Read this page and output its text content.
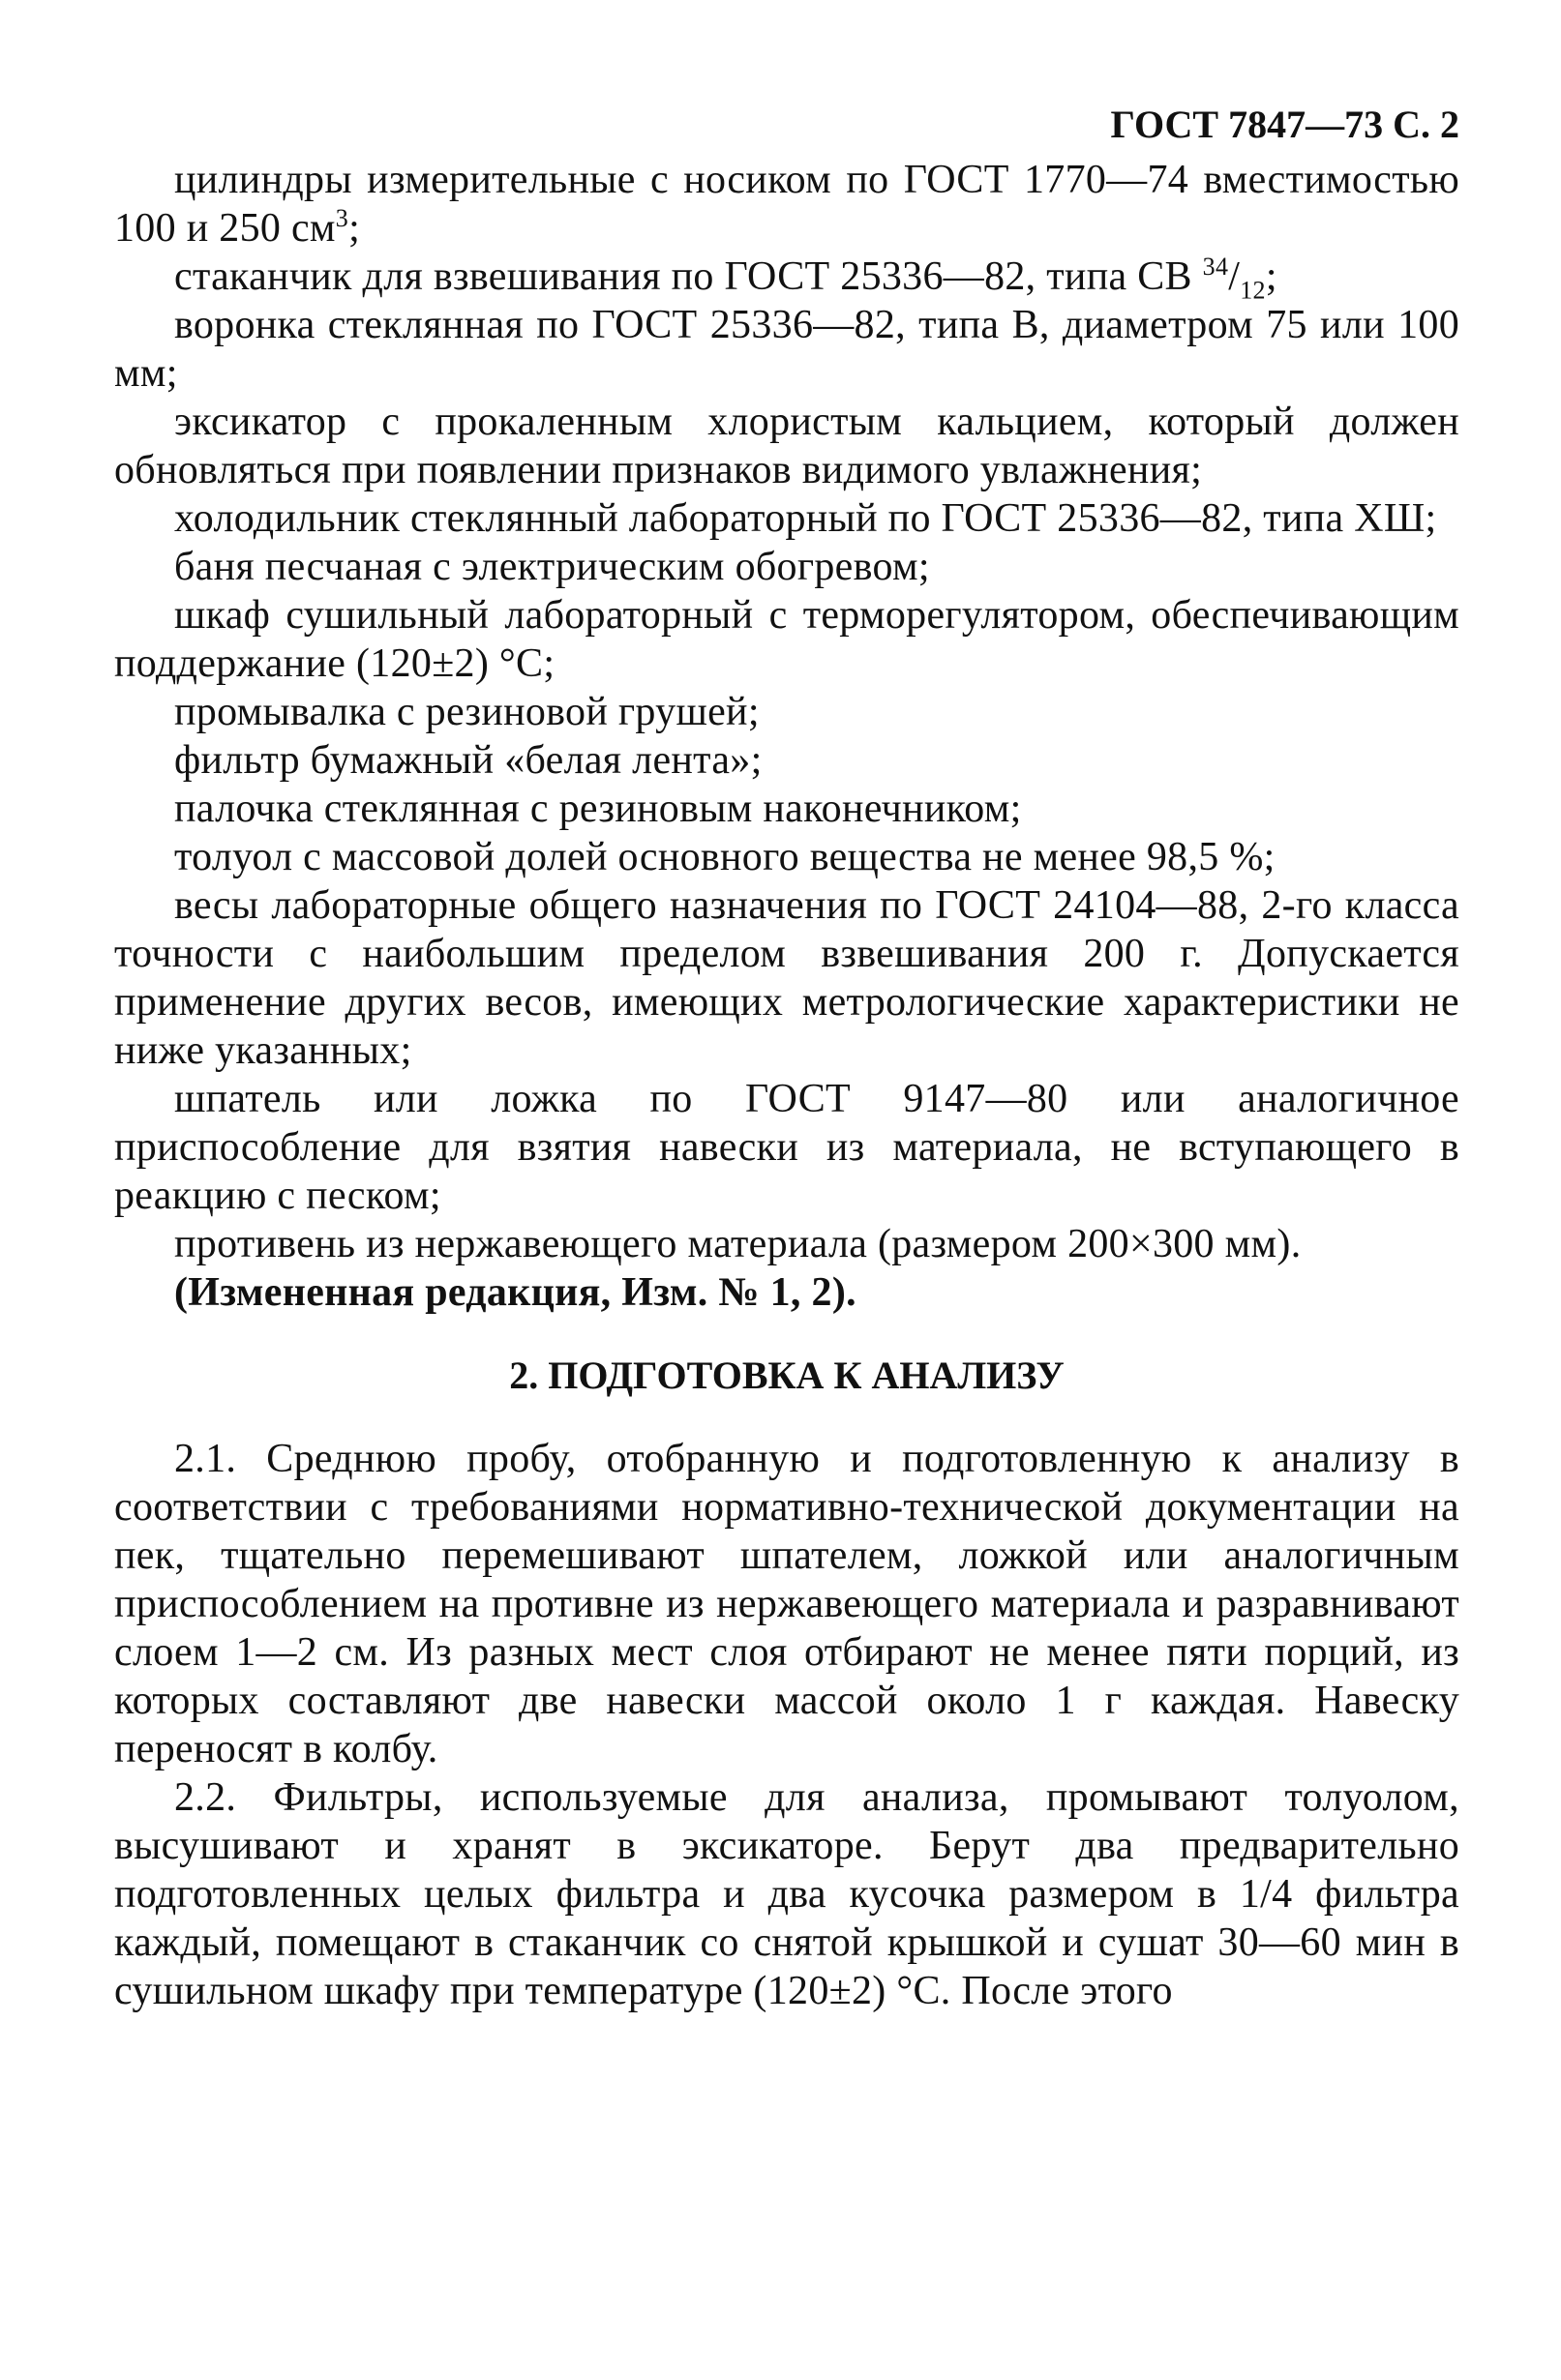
ГОСТ 7847—73 С. 2

цилиндры измерительные с носиком по ГОСТ 1770—74 вместимостью 100 и 250 $см^3$;

стаканчик для взвешивания по ГОСТ 25336—82, типа СВ $^{34}/_{12}$;

воронка стеклянная по ГОСТ 25336—82, типа В, диаметром 75 или 100 мм;

эксикатор с прокаленным хлористым кальцием, который должен обновляться при появлении признаков видимого увлажнения;

холодильник стеклянный лабораторный по ГОСТ 25336—82, типа ХШ;

баня песчаная с электрическим обогревом;

шкаф сушильный лабораторный с терморегулятором, обеспечивающим поддержание (120±2) °С;

промывалка с резиновой грушей;

фильтр бумажный «белая лента»;

палочка стеклянная с резиновым наконечником;

толуол с массовой долей основного вещества не менее 98,5 %;

весы лабораторные общего назначения по ГОСТ 24104—88, 2-го класса точности с наибольшим пределом взвешивания 200 г. Допускается применение других весов, имеющих метрологические характеристики не ниже указанных;

шпатель или ложка по ГОСТ 9147—80 или аналогичное приспособление для взятия навески из материала, не вступающего в реакцию с песком;

противень из нержавеющего материала (размером 200×300 мм).

(Измененная редакция, Изм. № 1, 2).

2. ПОДГОТОВКА К АНАЛИЗУ

2.1. Среднюю пробу, отобранную и подготовленную к анализу в соответствии с требованиями нормативно-технической документации на пек, тщательно перемешивают шпателем, ложкой или аналогичным приспособлением на противне из нержавеющего материала и разравнивают слоем 1—2 см. Из разных мест слоя отбирают не менее пяти порций, из которых составляют две навески массой около 1 г каждая. Навеску переносят в колбу.

2.2. Фильтры, используемые для анализа, промывают толуолом, высушивают и хранят в эксикаторе. Берут два предварительно подготовленных целых фильтра и два кусочка размером в 1/4 фильтра каждый, помещают в стаканчик со снятой крышкой и сушат 30—60 мин в сушильном шкафу при температуре (120±2) °С. После этого
